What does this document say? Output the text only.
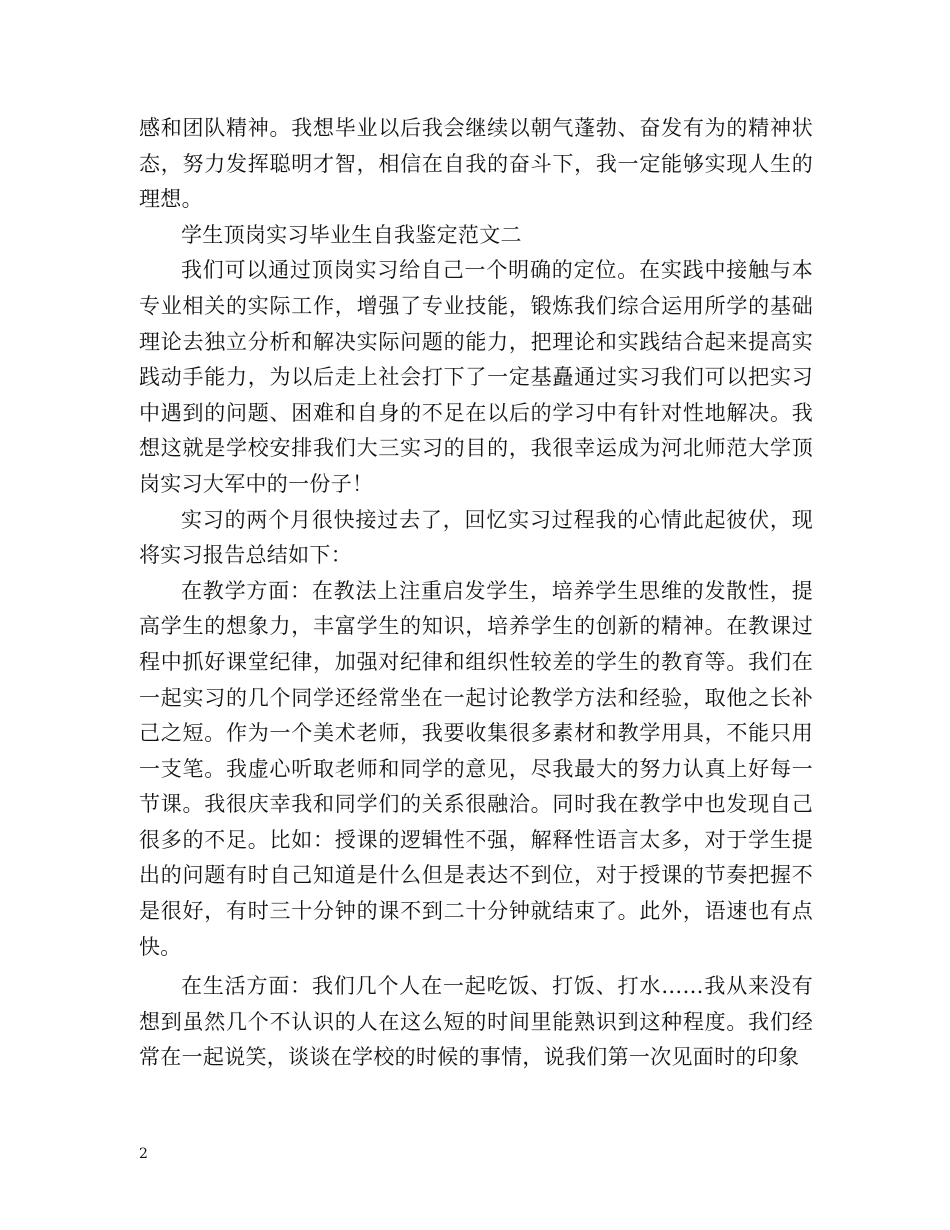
感和团队精神。我想毕业以后我会继续以朝气蓬勃、奋发有为的精神状态，努力发挥聪明才智，相信在自我的奋斗下，我一定能够实现人生的理想。

学生顶岗实习毕业生自我鉴定范文二

我们可以通过顶岗实习给自己一个明确的定位。在实践中接触与本专业相关的实际工作，增强了专业技能，锻炼我们综合运用所学的基础理论去独立分析和解决实际问题的能力，把理论和实践结合起来提高实践动手能力，为以后走上社会打下了一定基矗通过实习我们可以把实习中遇到的问题、困难和自身的不足在以后的学习中有针对性地解决。我想这就是学校安排我们大三实习的目的，我很幸运成为河北师范大学顶岗实习大军中的一份子！

实习的两个月很快接过去了，回忆实习过程我的心情此起彼伏，现将实习报告总结如下：

在教学方面：在教法上注重启发学生，培养学生思维的发散性，提高学生的想象力，丰富学生的知识，培养学生的创新的精神。在教课过程中抓好课堂纪律，加强对纪律和组织性较差的学生的教育等。我们在一起实习的几个同学还经常坐在一起讨论教学方法和经验，取他之长补己之短。作为一个美术老师，我要收集很多素材和教学用具，不能只用一支笔。我虚心听取老师和同学的意见，尽我最大的努力认真上好每一节课。我很庆幸我和同学们的关系很融洽。同时我在教学中也发现自己很多的不足。比如：授课的逻辑性不强，解释性语言太多，对于学生提出的问题有时自己知道是什么但是表达不到位，对于授课的节奏把握不是很好，有时三十分钟的课不到二十分钟就结束了。此外，语速也有点快。

在生活方面：我们几个人在一起吃饭、打饭、打水……我从来没有想到虽然几个不认识的人在这么短的时间里能熟识到这种程度。我们经常在一起说笑，谈谈在学校的时候的事情，说我们第一次见面时的印象

2
